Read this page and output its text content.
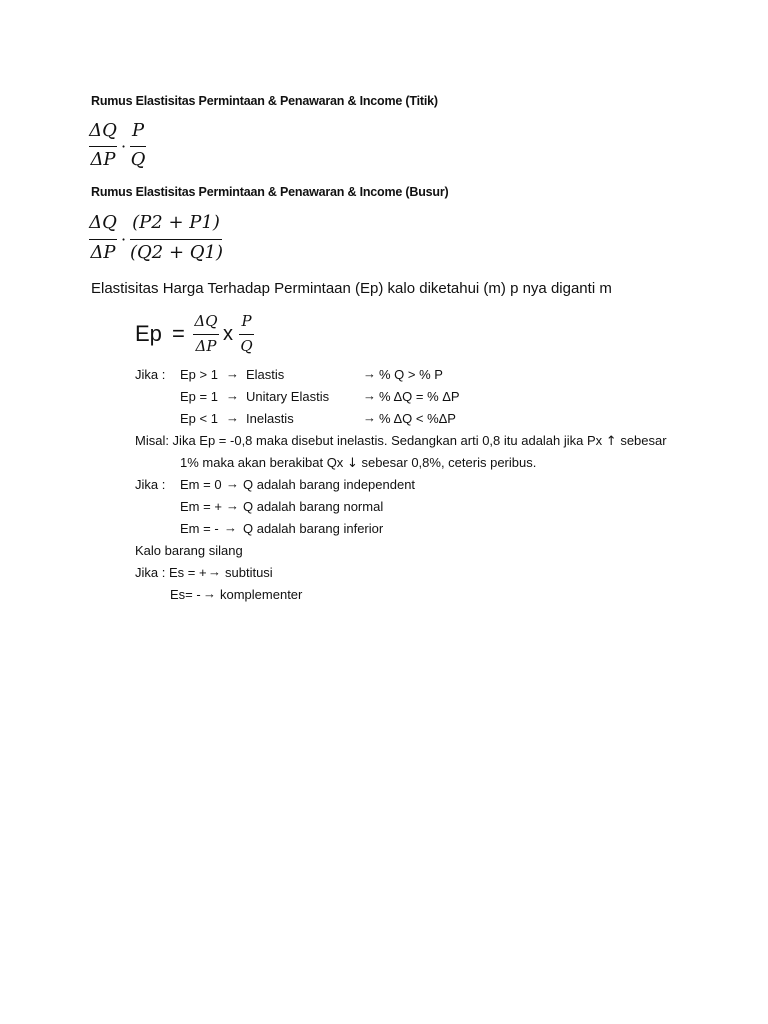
Rumus Elastisitas Permintaan & Penawaran & Income (Titik)
ΔQ
ΔP
·
P
Q
Rumus Elastisitas Permintaan & Penawaran & Income (Busur)
ΔQ
ΔP
·
(P2 + P1)
(Q2 + Q1)
Elastisitas Harga Terhadap Permintaan (Ep) kalo diketahui (m) p nya diganti m
Ep = ΔQ
ΔP
x
P
Q
Jika : Ep > 1 → Elastis	→ % Q > % P
Ep = 1 → Unitary Elastis	→ % ΔQ = % ΔP
Ep < 1 → Inelastis	→ % ΔQ < %ΔP
Misal: Jika Ep = -0,8 maka disebut inelastis. Sedangkan arti 0,8 itu adalah jika Px ↑ sebesar
1% maka akan berakibat Qx ↓ sebesar 0,8%, ceteris peribus.
Jika : Em = 0 → Q adalah barang independent
Em = + → Q adalah barang normal
Em = - → Q adalah barang inferior
Kalo barang silang
Jika : Es = + → subtitusi
Es= - → komplementer
